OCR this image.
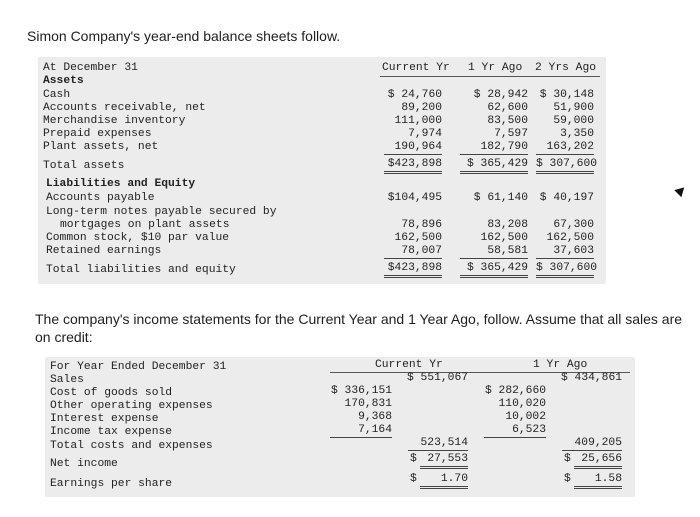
Simon Company's year-end balance sheets follow.
At December 31	Current Yr 1 Yr Ago 2 Yrs Ago
Assets
Cash	$ 24,760	$ 28,942	$ 30,148
Accounts receivable, net	89,200	62,600	51,900
Merchandise inventory	111,000	83,500	59,000
Prepaid expenses	7,974	7,597	3,350
Plant assets, net	190,964	182,790	163,202
Total assets	$423,898	$ 365,429 $ 307,600
Liabilities and Equity
Accounts payable	$104,495	$ 61,140	$ 40,197
Long-term notes payable secured by
mortgages on plant assets	78,896	83,208	67,300
Common stock, $10 par value	162,500	162,500	162,500
Retained earnings	78,007	58,581	37,603
Total liabilities and equity	$423,898	$ 365,429 $ 307,600
The company's income statements for the Current Year and 1 Year Ago, follow. Assume that all sales are on credit:
For Year Ended December 31	Current Yr	1 Yr Ago
Sales	$ 551,067	$ 434,861
Cost of goods sold	$ 336,151	$ 282,660
Other operating expenses	170,831	110,020
Interest expense	9,368	10,002
Income tax expense	7,164	6,523
Total costs and expenses	523,514	409,205
Net income	$ 27,553	$ 25,656
Earnings per share	$	1.70	$	1.58
